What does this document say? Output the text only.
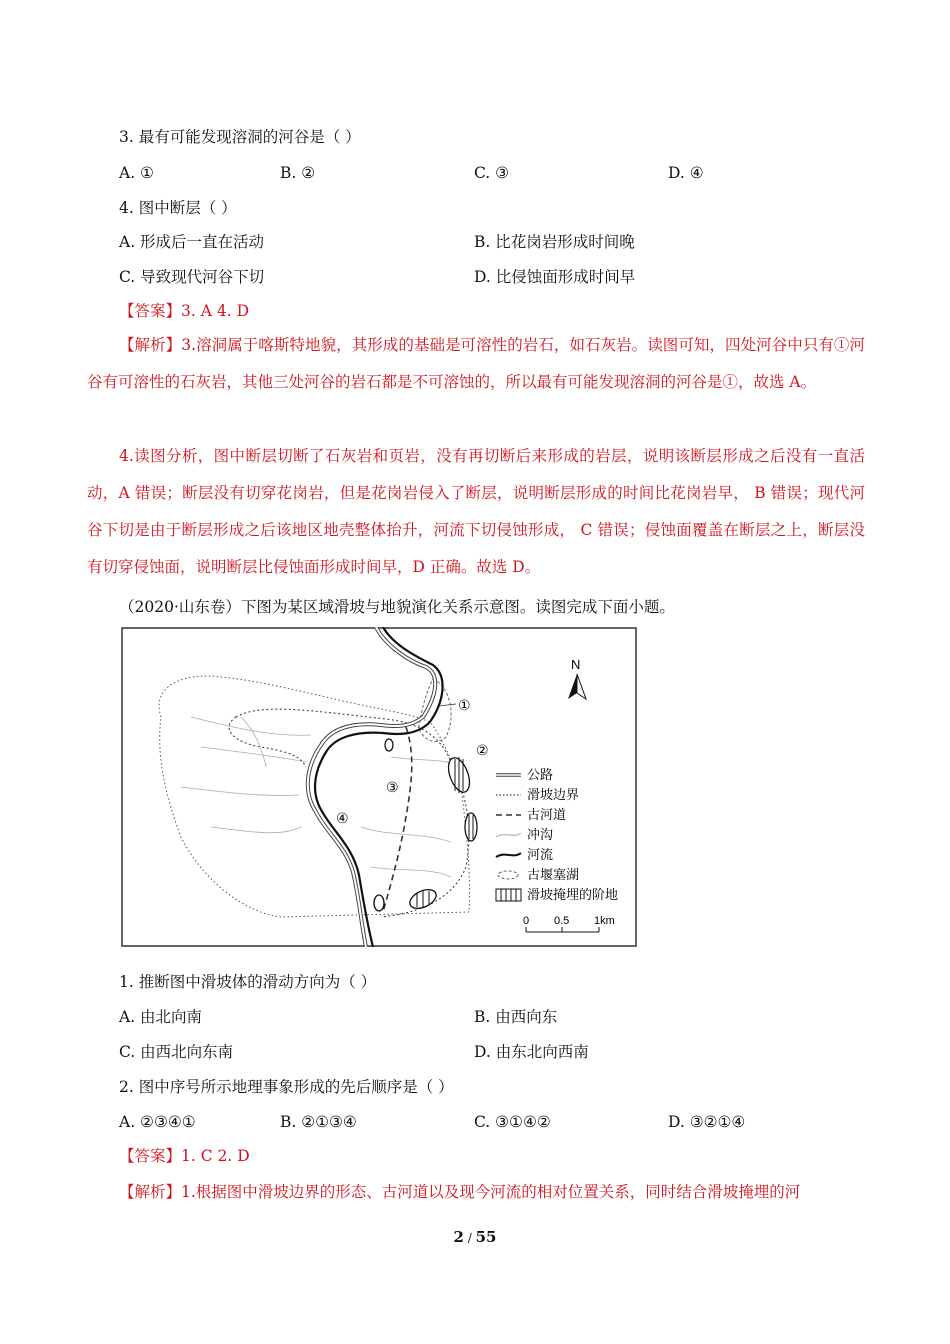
3. 最有可能发现溶洞的河谷是（ ）
A. ①	B. ②	C. ③	D. ④
4. 图中断层（ ）
A. 形成后一直在活动	B. 比花岗岩形成时间晚
C. 导致现代河谷下切	D. 比侵蚀面形成时间早
【答案】3. A 4. D
【解析】3.溶洞属于喀斯特地貌，其形成的基础是可溶性的岩石，如石灰岩。读图可知，四处河谷中只有①河谷有可溶性的石灰岩，其他三处河谷的岩石都是不可溶蚀的，所以最有可能发现溶洞的河谷是①，故选 A。
4.读图分析，图中断层切断了石灰岩和页岩，没有再切断后来形成的岩层，说明该断层形成之后没有一直活动，A 错误；断层没有切穿花岗岩，但是花岗岩侵入了断层，说明断层形成的时间比花岗岩早， B 错误；现代河谷下切是由于断层形成之后该地区地壳整体抬升，河流下切侵蚀形成， C 错误；侵蚀面覆盖在断层之上，断层没有切穿侵蚀面，说明断层比侵蚀面形成时间早，D 正确。故选 D。
（2020·山东卷）下图为某区域滑坡与地貌演化关系示意图。读图完成下面小题。
①
②
③
④
N
公路
滑坡边界
古河道
冲沟
河流
古堰塞湖
滑坡掩埋的阶地
0 0.5 1km
1. 推断图中滑坡体的滑动方向为（ ）
A. 由北向南	B. 由西向东
C. 由西北向东南	D. 由东北向西南
2. 图中序号所示地理事象形成的先后顺序是（ ）
A. ②③④①	B. ②①③④	C. ③①④②	D. ③②①④
【答案】1. C 2. D
【解析】1.根据图中滑坡边界的形态、古河道以及现今河流的相对位置关系，同时结合滑坡掩埋的河
2 / 55
